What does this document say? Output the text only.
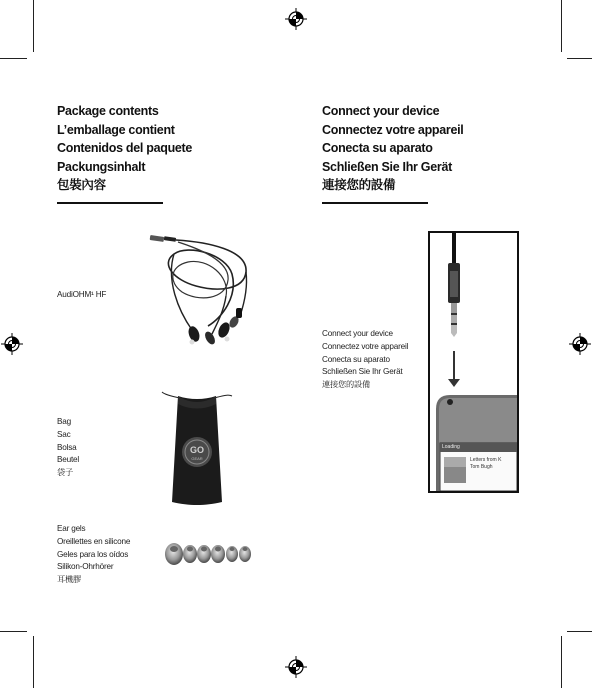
Package contents
L’emballage contient
Contenidos del paquete
Packungsinhalt
包裝內容
AudiOHM¹ HF
Bag
Sac
Bolsa
Beutel
袋子
GO
GEAR
Ear gels
Oreillettes en silicone
Geles para los oídos
Silikon-Ohrhörer
耳機膠
Connect your device
Connectez votre appareil
Conecta su aparato
Schließen Sie Ihr Gerät
連接您的設備
Connect your device
Connectez votre appareil
Conecta su aparato
Schließen Sie Ihr Gerät
連接您的設備
Loading
Letters from K
Tom Bugh
